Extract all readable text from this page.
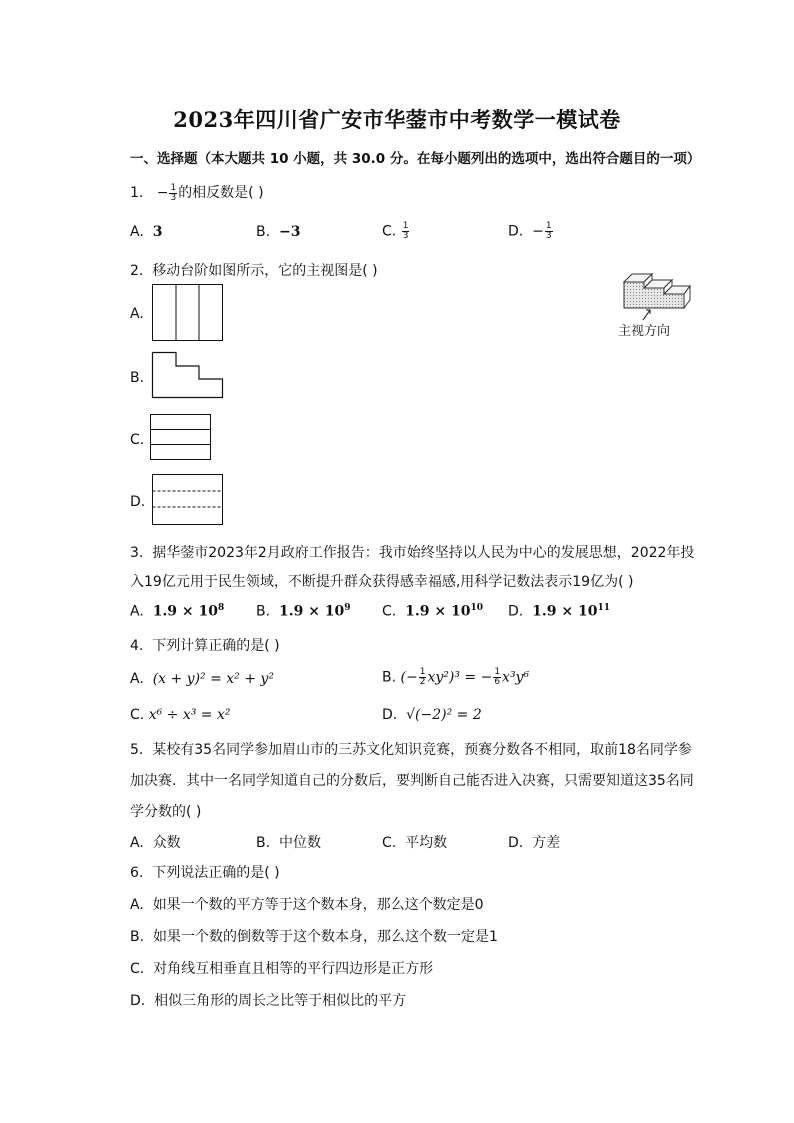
2023年四川省广安市华蓥市中考数学一模试卷
一、选择题（本大题共 10 小题，共 30.0 分。在每小题列出的选项中，选出符合题目的一项）
1. − $\frac{1}{3}$ 的相反数是( )
A. 3	B. −3	C. $\frac{1}{3}$	D. − $\frac{1}{3}$
2. 移动台阶如图所示，它的主视图是( )
主视方向
A.
B.
C.
D.
3. 据华蓥市2023年2月政府工作报告：我市始终坚持以人民为中心的发展思想，2022年投
入19亿元用于民生领域，不断提升群众获得感幸福感,用科学记数法表示19亿为( )
A. $1.9 \times 10^8$ B. $1.9 \times 10^9$ C. $1.9 \times 10^{10}$ D. $1.9 \times 10^{11}$
4. 下列计算正确的是( )
A. (x + y)² = x² + y²	B. (− $\frac{1}{2} xy^2)^3$ = − $\frac{1}{6} x^3y^6$
C. x⁶ ÷ x³ = x²	D. √(−2)² = 2
5. 某校有35名同学参加眉山市的三苏文化知识竞赛，预赛分数各不相同，取前18名同学参
加决赛．其中一名同学知道自己的分数后，要判断自己能否进入决赛，只需要知道这35名同
学分数的( )
A. 众数	B. 中位数	C. 平均数	D. 方差
6. 下列说法正确的是( )
A. 如果一个数的平方等于这个数本身，那么这个数定是0
B. 如果一个数的倒数等于这个数本身，那么这个数一定是1
C. 对角线互相垂直且相等的平行四边形是正方形
D. 相似三角形的周长之比等于相似比的平方
